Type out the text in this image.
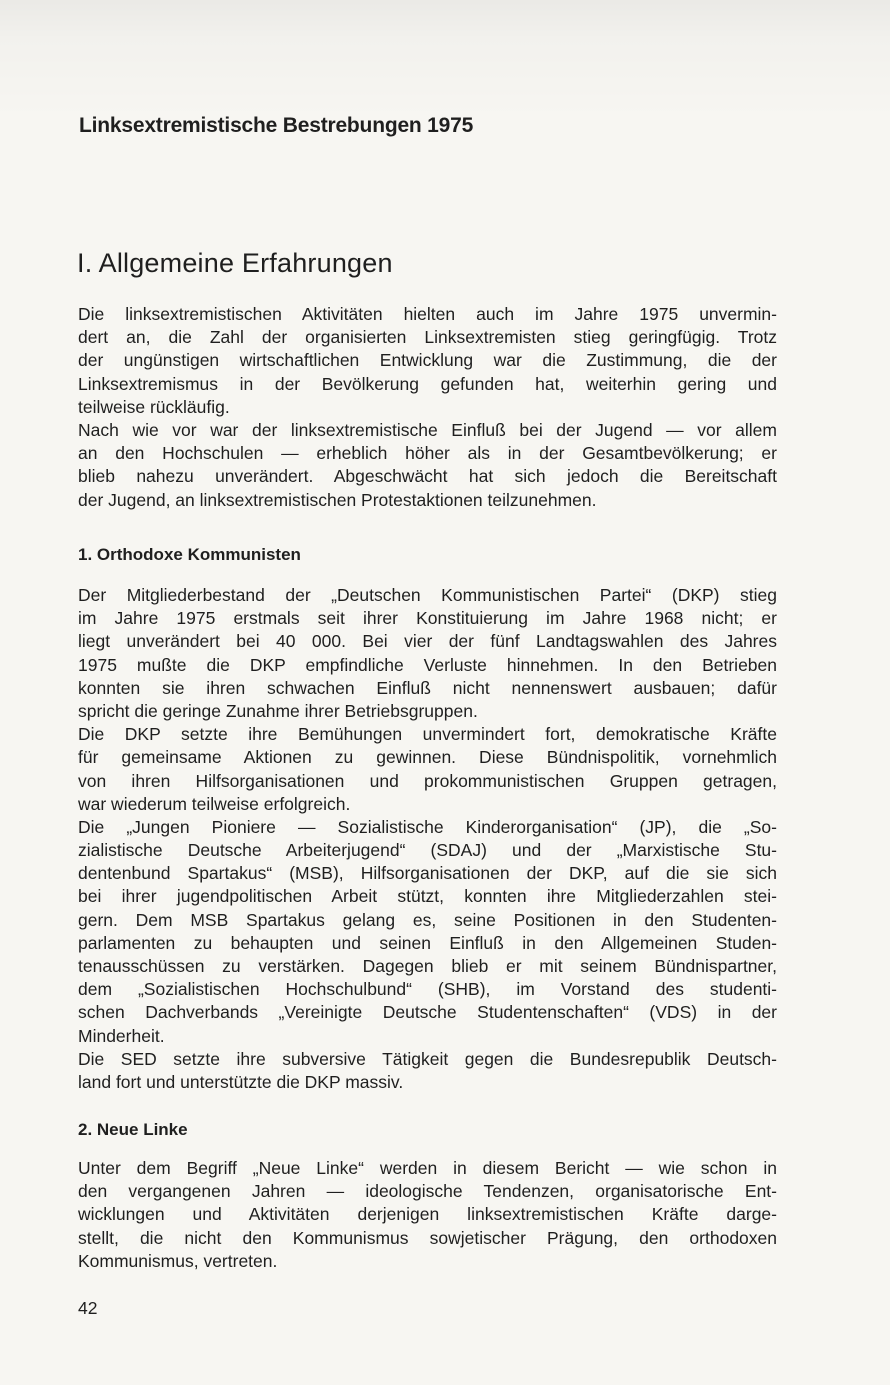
Linksextremistische Bestrebungen 1975
I. Allgemeine Erfahrungen
Die linksextremistischen Aktivitäten hielten auch im Jahre 1975 unvermin-
dert an, die Zahl der organisierten Linksextremisten stieg geringfügig. Trotz
der ungünstigen wirtschaftlichen Entwicklung war die Zustimmung, die der
Linksextremismus in der Bevölkerung gefunden hat, weiterhin gering und
teilweise rückläufig.
Nach wie vor war der linksextremistische Einfluß bei der Jugend — vor allem
an den Hochschulen — erheblich höher als in der Gesamtbevölkerung; er
blieb nahezu unverändert. Abgeschwächt hat sich jedoch die Bereitschaft
der Jugend, an linksextremistischen Protestaktionen teilzunehmen.
1. Orthodoxe Kommunisten
Der Mitgliederbestand der „Deutschen Kommunistischen Partei“ (DKP) stieg
im Jahre 1975 erstmals seit ihrer Konstituierung im Jahre 1968 nicht; er
liegt unverändert bei 40 000. Bei vier der fünf Landtagswahlen des Jahres
1975 mußte die DKP empfindliche Verluste hinnehmen. In den Betrieben
konnten sie ihren schwachen Einfluß nicht nennenswert ausbauen; dafür
spricht die geringe Zunahme ihrer Betriebsgruppen.
Die DKP setzte ihre Bemühungen unvermindert fort, demokratische Kräfte
für gemeinsame Aktionen zu gewinnen. Diese Bündnispolitik, vornehmlich
von ihren Hilfsorganisationen und prokommunistischen Gruppen getragen,
war wiederum teilweise erfolgreich.
Die „Jungen Pioniere — Sozialistische Kinderorganisation“ (JP), die „So-
zialistische Deutsche Arbeiterjugend“ (SDAJ) und der „Marxistische Stu-
dentenbund Spartakus“ (MSB), Hilfsorganisationen der DKP, auf die sie sich
bei ihrer jugendpolitischen Arbeit stützt, konnten ihre Mitgliederzahlen stei-
gern. Dem MSB Spartakus gelang es, seine Positionen in den Studenten-
parlamenten zu behaupten und seinen Einfluß in den Allgemeinen Studen-
tenausschüssen zu verstärken. Dagegen blieb er mit seinem Bündnispartner,
dem „Sozialistischen Hochschulbund“ (SHB), im Vorstand des studenti-
schen Dachverbands „Vereinigte Deutsche Studentenschaften“ (VDS) in der
Minderheit.
Die SED setzte ihre subversive Tätigkeit gegen die Bundesrepublik Deutsch-
land fort und unterstützte die DKP massiv.
2. Neue Linke
Unter dem Begriff „Neue Linke“ werden in diesem Bericht — wie schon in
den vergangenen Jahren — ideologische Tendenzen, organisatorische Ent-
wicklungen und Aktivitäten derjenigen linksextremistischen Kräfte darge-
stellt, die nicht den Kommunismus sowjetischer Prägung, den orthodoxen
Kommunismus, vertreten.
42
